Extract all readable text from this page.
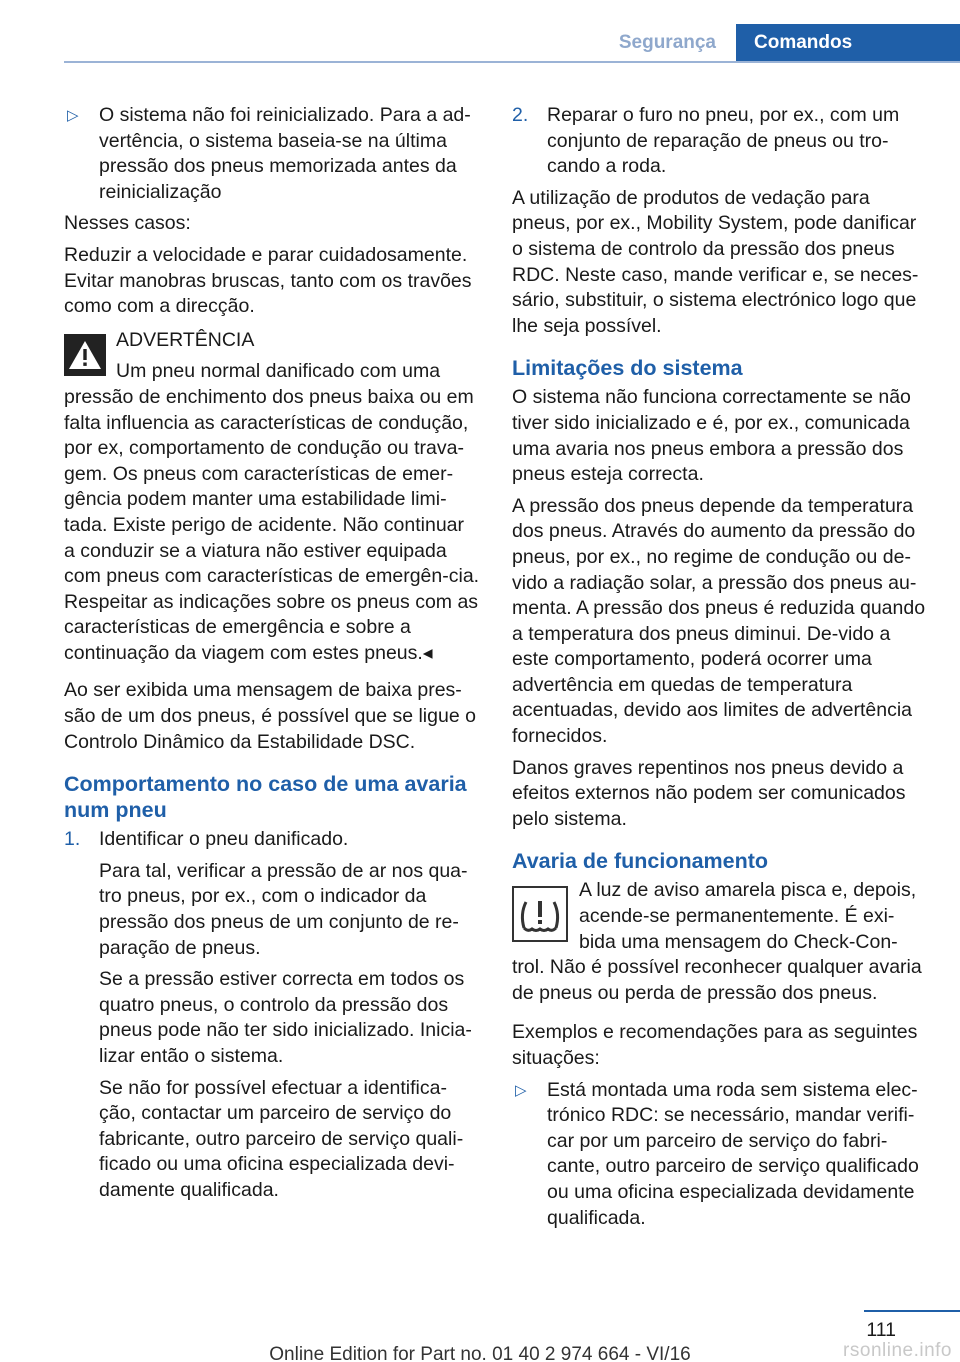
Segurança	Comandos
▷ O sistema não foi reinicializado. Para a ad-vertência, o sistema baseia-se na última pressão dos pneus memorizada antes da reinicialização

Nesses casos:

Reduzir a velocidade e parar cuidadosamente. Evitar manobras bruscas, tanto com os travões como com a direcção.

ADVERTÊNCIA
Um pneu normal danificado com uma
pressão de enchimento dos pneus baixa ou em falta influencia as características de condução, por ex, comportamento de condução ou trava-gem. Os pneus com características de emer-gência podem manter uma estabilidade limi-tada. Existe perigo de acidente. Não continuar a conduzir se a viatura não estiver equipada com pneus com características de emergên-cia. Respeitar as indicações sobre os pneus com as características de emergência e sobre a continuação da viagem com estes pneus.◂

Ao ser exibida uma mensagem de baixa pres-são de um dos pneus, é possível que se ligue o Controlo Dinâmico da Estabilidade DSC.

Comportamento no caso de uma avaria num pneu
1. Identificar o pneu danificado.
Para tal, verificar a pressão de ar nos qua-tro pneus, por ex., com o indicador da pressão dos pneus de um conjunto de re-paração de pneus.
Se a pressão estiver correcta em todos os quatro pneus, o controlo da pressão dos pneus pode não ter sido inicializado. Inicia-lizar então o sistema.
Se não for possível efectuar a identifica-ção, contactar um parceiro de serviço do fabricante, outro parceiro de serviço quali-ficado ou uma oficina especializada devi-damente qualificada.
2. Reparar o furo no pneu, por ex., com um conjunto de reparação de pneus ou tro-cando a roda.

A utilização de produtos de vedação para pneus, por ex., Mobility System, pode danificar o sistema de controlo da pressão dos pneus RDC. Neste caso, mande verificar e, se neces-sário, substituir, o sistema electrónico logo que lhe seja possível.

Limitações do sistema

O sistema não funciona correctamente se não tiver sido inicializado e é, por ex., comunicada uma avaria nos pneus embora a pressão dos pneus esteja correcta.

A pressão dos pneus depende da temperatura dos pneus. Através do aumento da pressão do pneus, por ex., no regime de condução ou de-vido a radiação solar, a pressão dos pneus au-menta. A pressão dos pneus é reduzida quando a temperatura dos pneus diminui. De-vido a este comportamento, poderá ocorrer uma advertência em quedas de temperatura acentuadas, devido aos limites de advertência fornecidos.

Danos graves repentinos nos pneus devido a efeitos externos não podem ser comunicados pelo sistema.

Avaria de funcionamento
A luz de aviso amarela pisca e, depois, acende-se permanentemente. É exi-bida uma mensagem do Check-Con-

trol. Não é possível reconhecer qualquer avaria de pneus ou perda de pressão dos pneus.

Exemplos e recomendações para as seguintes situações:

▷ Está montada uma roda sem sistema elec-trónico RDC: se necessário, mandar verifi-car por um parceiro de serviço do fabri-cante, outro parceiro de serviço qualificado ou uma oficina especializada devidamente qualificada.
111
Online Edition for Part no. 01 40 2 974 664 - VI/16	rsonline.info
